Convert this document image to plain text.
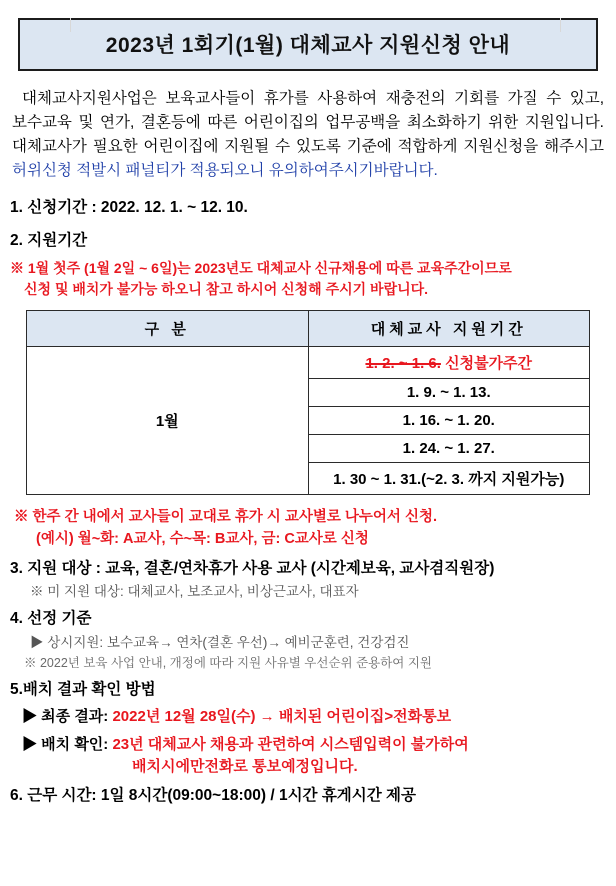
2023년 1회기(1월) 대체교사 지원신청 안내

대체교사지원사업은 보육교사들이 휴가를 사용하여 재충전의 기회를 가질 수 있고, 보수교육 및 연가, 결혼등에 따른 어린이집의 업무공백을 최소화하기 위한 지원입니다. 대체교사가 필요한 어린이집에 지원될 수 있도록 기준에 적합하게 지원신청을 해주시고 허위신청 적발시 패널티가 적용되오니 유의하여주시기바랍니다.

1. 신청기간 : 2022. 12. 1. ~ 12. 10.
2. 지원기간
※ 1월 첫주 (1월 2일 ~ 6일)는 2023년도 대체교사 신규채용에 따른 교육주간이므로
신청 및 배치가 불가능 하오니 참고 하시어 신청해 주시기 바랍니다.
구 분	대체교사 지원기간
1월	1. 2. ~ 1. 6. 신청불가주간
	1. 9. ~ 1. 13.
	1. 16. ~ 1. 20.
	1. 24. ~ 1. 27.
	1. 30 ~ 1. 31.(~2. 3. 까지 지원가능)
※ 한주 간 내에서 교사들이 교대로 휴가 시 교사별로 나누어서 신청.
(예시) 월~화: A교사, 수~목: B교사, 금: C교사로 신청
3. 지원 대상 : 교육, 결혼/연차휴가 사용 교사 (시간제보육, 교사겸직원장)
※ 미 지원 대상: 대체교사, 보조교사, 비상근교사, 대표자
4. 선정 기준
▶ 상시지원: 보수교육→ 연차(결혼 우선)→ 예비군훈련, 건강검진
※ 2022년 보육 사업 안내, 개정에 따라 지원 사유별 우선순위 준용하여 지원
5.배치 결과 확인 방법
▶ 최종 결과: 2022년 12월 28일(수) → 배치된 어린이집>전화통보
▶ 배치 확인: 23년 대체교사 채용과 관련하여 시스템입력이 불가하여
배치시에만전화로 통보예정입니다.
6. 근무 시간: 1일 8시간(09:00~18:00) / 1시간 휴게시간 제공
